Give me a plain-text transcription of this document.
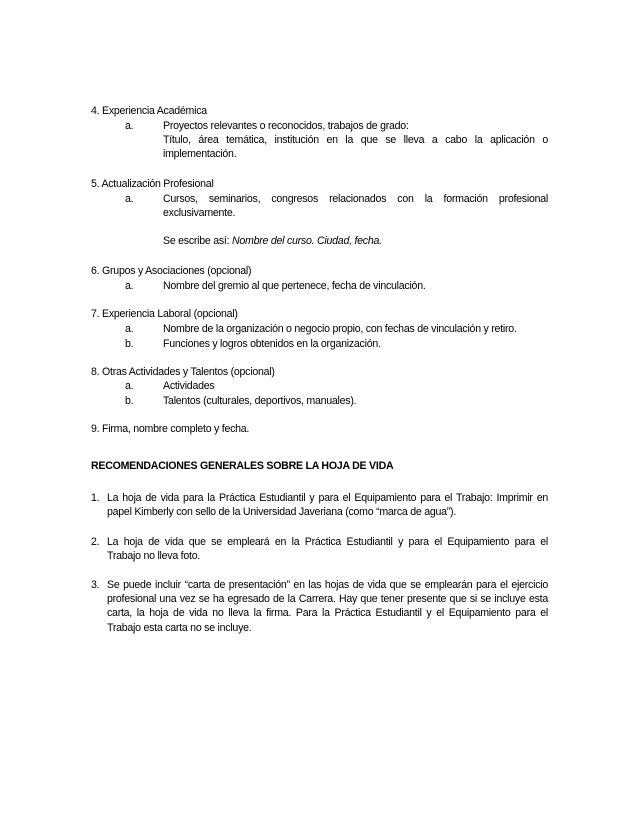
4. Experiencia Académica
a.	Proyectos relevantes o reconocidos, trabajos de grado:
Título, área temática, institución en la que se lleva a cabo la aplicación o
implementación.
5. Actualización Profesional
a.	Cursos, seminarios, congresos relacionados con la formación profesional
exclusivamente.
Se escribe así: Nombre del curso. Ciudad, fecha.
6. Grupos y Asociaciones (opcional)
a.	Nombre del gremio al que pertenece, fecha de vinculación.
7. Experiencia Laboral (opcional)
a.	Nombre de la organización o negocio propio, con fechas de vinculación y retiro.
b.	Funciones y logros obtenidos en la organización.
8. Otras Actividades y Talentos (opcional)
a.	Actividades
b.	Talentos (culturales, deportivos, manuales).
9. Firma, nombre completo y fecha.
RECOMENDACIONES GENERALES SOBRE LA HOJA DE VIDA
1. La hoja de vida para la Práctica Estudiantil y para el Equipamiento para el Trabajo: Imprimir en
papel Kimberly con sello de la Universidad Javeriana (como “marca de agua”).
2. La hoja de vida que se empleará en la Práctica Estudiantil y para el Equipamiento para el
Trabajo no lleva foto.
3. Se puede incluir “carta de presentación” en las hojas de vida que se emplearán para el ejercicio
profesional una vez se ha egresado de la Carrera. Hay que tener presente que si se incluye esta
carta, la hoja de vida no lleva la firma. Para la Práctica Estudiantil y el Equipamiento para el
Trabajo esta carta no se incluye.
